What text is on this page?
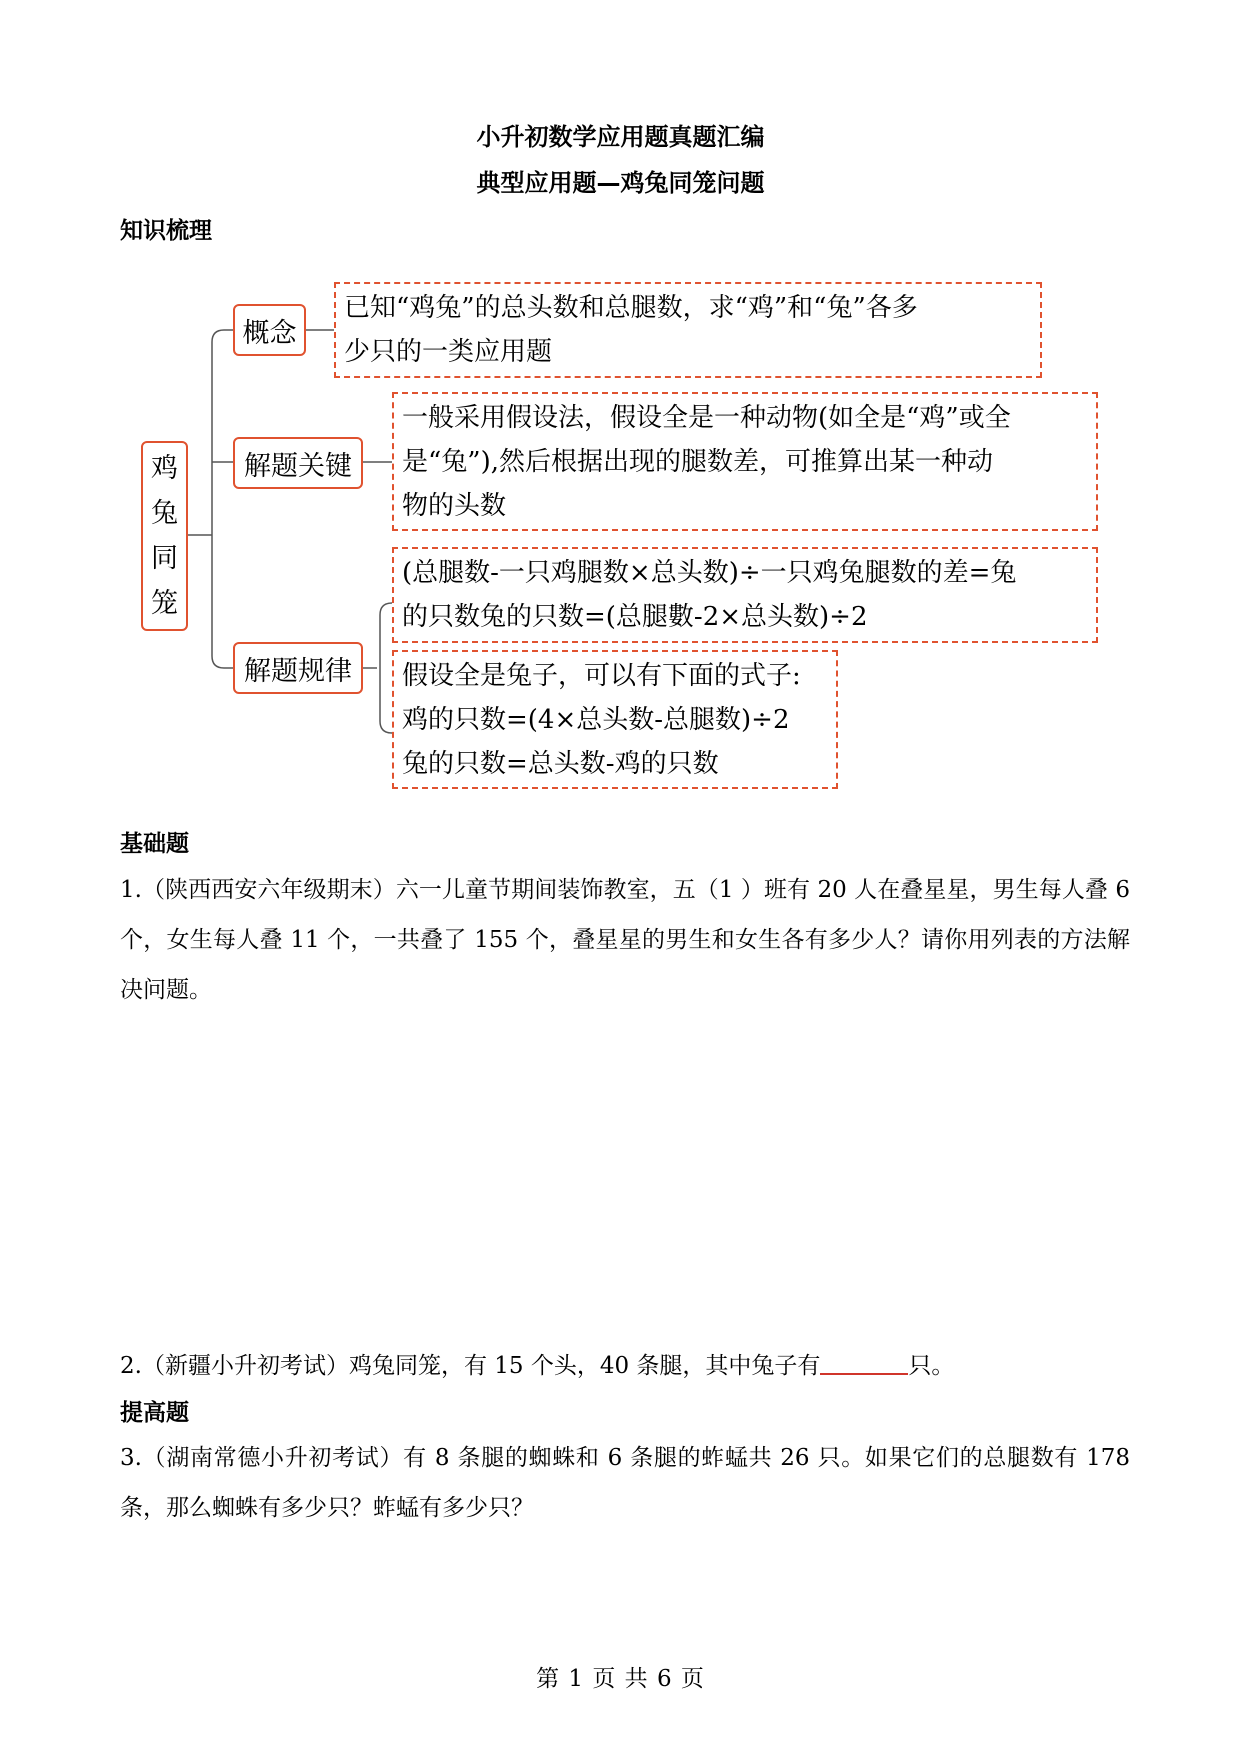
小升初数学应用题真题汇编
典型应用题—鸡兔同笼问题
知识梳理
鸡
兔
同
笼
概念
解题关键
解题规律
已知“鸡兔”的总头数和总腿数，求“鸡”和“兔”各多
少只的一类应用题
一般采用假设法，假设全是一种动物(如全是“鸡”或全
是“兔”),然后根据出现的腿数差，可推算出某一种动
物的头数
(总腿数-一只鸡腿数×总头数)÷一只鸡兔腿数的差=兔
的只数兔的只数=(总腿數-2×总头数)÷2
假设全是兔子，可以有下面的式子:
鸡的只数=(4×总头数-总腿数)÷2
兔的只数=总头数-鸡的只数
基础题
1.（陕西西安六年级期末）六一儿童节期间装饰教室，五（1 ）班有 20 人在叠星星，男生每人叠 6 个，女生每人叠 11 个，一共叠了 155 个，叠星星的男生和女生各有多少人？请你用列表的方法解决问题。
2.（新疆小升初考试）鸡兔同笼，有 15 个头，40 条腿，其中兔子有	只。
提高题
3.（湖南常德小升初考试）有 8 条腿的蜘蛛和 6 条腿的蚱蜢共 26 只。如果它们的总腿数有 178 条，那么蜘蛛有多少只？蚱蜢有多少只？
第 1 页 共 6 页
